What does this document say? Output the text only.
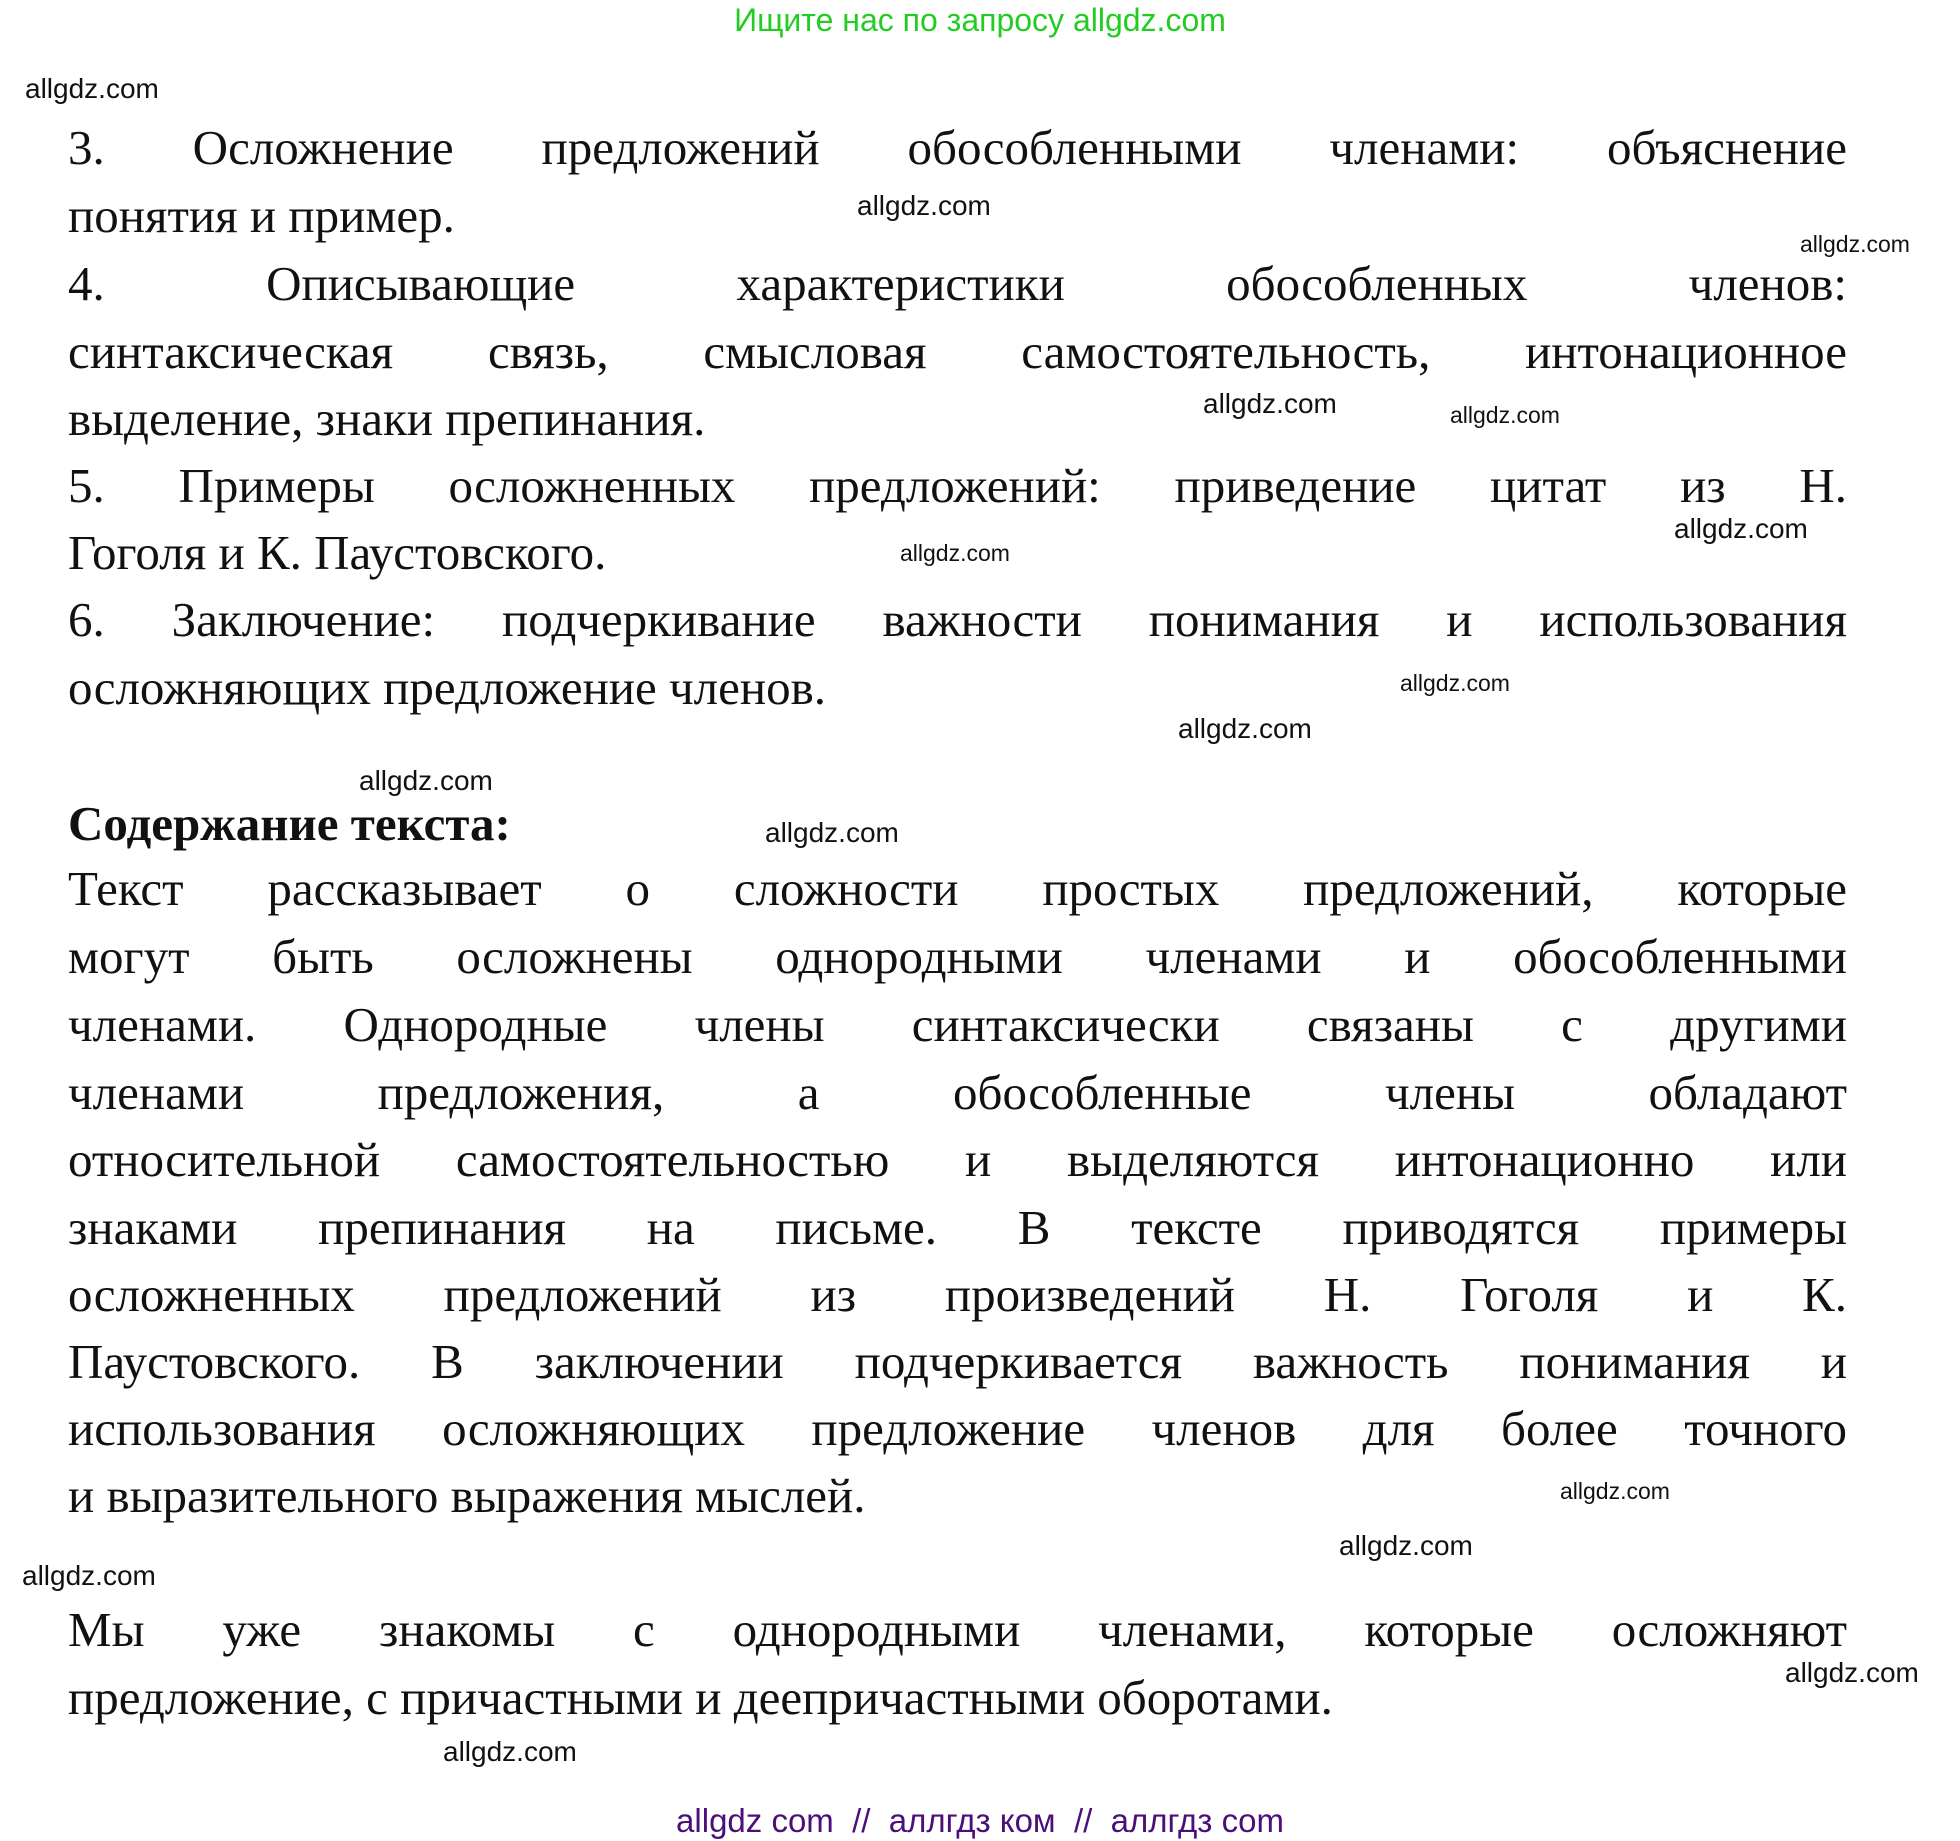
Ищите нас по запросу allgdz.com
3. Осложнение предложений обособленными членами: объяснение
понятия и пример.
4. Описывающие характеристики обособленных членов:
синтаксическая связь, смысловая самостоятельность, интонационное
выделение, знаки препинания.
5. Примеры осложненных предложений: приведение цитат из Н.
Гоголя и К. Паустовского.
6. Заключение: подчеркивание важности понимания и использования
осложняющих предложение членов.
Содержание текста:
Текст рассказывает о сложности простых предложений, которые
могут быть осложнены однородными членами и обособленными
членами. Однородные члены синтаксически связаны с другими
членами предложения, а обособленные члены обладают
относительной самостоятельностью и выделяются интонационно или
знаками препинания на письме. В тексте приводятся примеры
осложненных предложений из произведений Н. Гоголя и К.
Паустовского. В заключении подчеркивается важность понимания и
использования осложняющих предложение членов для более точного
и выразительного выражения мыслей.
Мы уже знакомы с однородными членами, которые осложняют
предложение, с причастными и деепричастными оборотами.
allgdz.com
allgdz.com
allgdz.com
allgdz.com
allgdz.com
allgdz.com
allgdz.com
allgdz.com
allgdz.com
allgdz.com
allgdz.com
allgdz.com
allgdz.com
allgdz.com
allgdz.com
allgdz.com
allgdz com  //  аллгдз ком  //  аллгдз com
